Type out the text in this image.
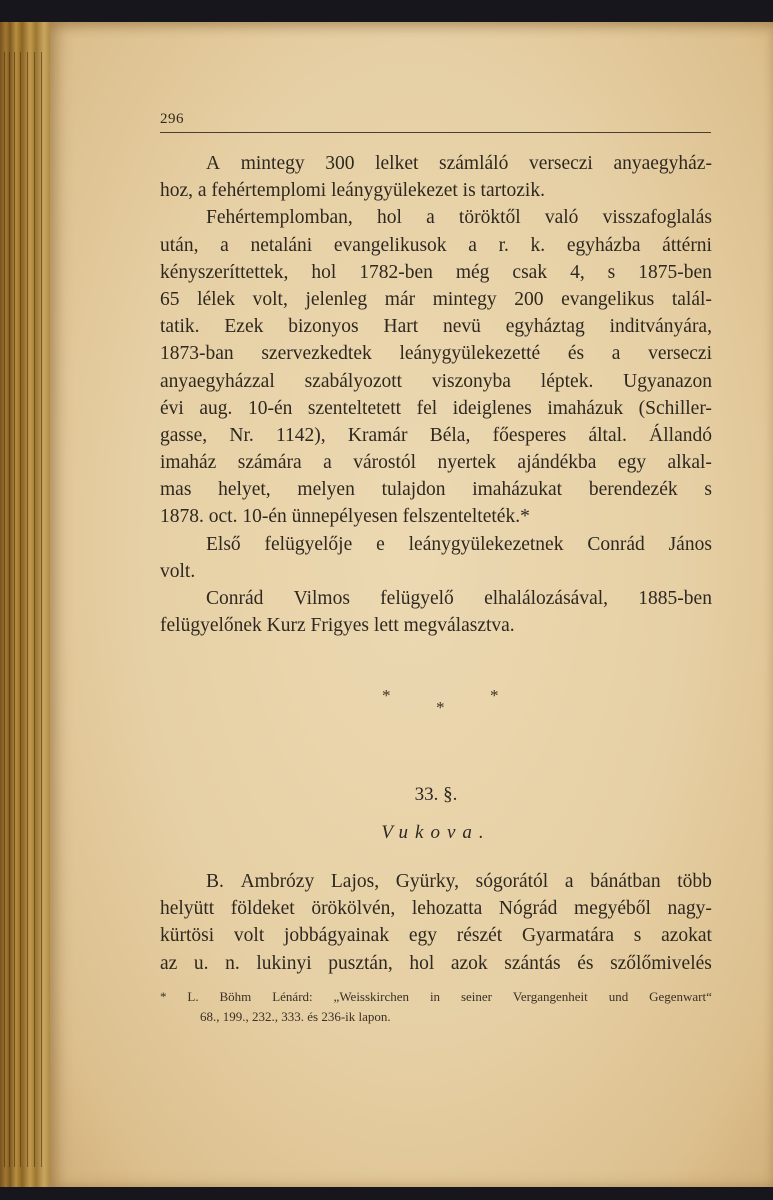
296
A mintegy 300 lelket számláló verseczi anyaegyház-
hoz, a fehértemplomi leánygyülekezet is tartozik.
Fehértemplomban, hol a töröktől való visszafoglalás
után, a netaláni evangelikusok a r. k. egyházba áttérni
kényszeríttettek, hol 1782-ben még csak 4, s 1875-ben
65 lélek volt, jelenleg már mintegy 200 evangelikus talál-
tatik. Ezek bizonyos Hart nevü egyháztag inditványára,
1873-ban szervezkedtek leánygyülekezetté és a verseczi
anyaegyházzal szabályozott viszonyba léptek. Ugyanazon
évi aug. 10-én szenteltetett fel ideiglenes imaházuk (Schiller-
gasse, Nr. 1142), Kramár Béla, főesperes által. Állandó
imaház számára a várostól nyertek ajándékba egy alkal-
mas helyet, melyen tulajdon imaházukat berendezék s
1878. oct. 10-én ünnepélyesen felszentelteték.*
Első felügyelője e leánygyülekezetnek Conrád János
volt.
Conrád Vilmos felügyelő elhalálozásával, 1885-ben
felügyelőnek Kurz Frigyes lett megválasztva.
*	*
*
33. §.
Vukova.
B. Ambrózy Lajos, Gyürky, sógorától a bánátban több
helyütt földeket örökölvén, lehozatta Nógrád megyéből nagy-
kürtösi volt jobbágyainak egy részét Gyarmatára s azokat
az u. n. lukinyi pusztán, hol azok szántás és szőlőmivelés
* L. Böhm Lénárd: „Weisskirchen in seiner Vergangenheit und Gegenwart“
68., 199., 232., 333. és 236-ik lapon.
